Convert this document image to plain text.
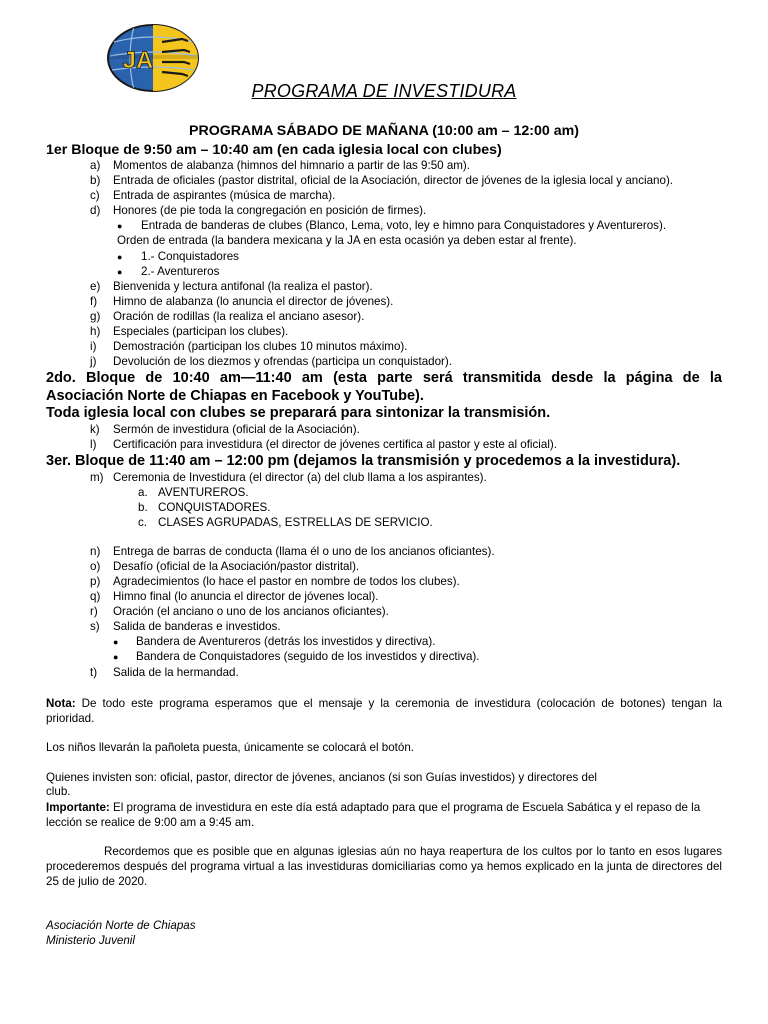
JA
PROGRAMA DE INVESTIDURA
PROGRAMA SÁBADO DE MAÑANA (10:00 am – 12:00 am)
1er Bloque de 9:50 am – 10:40 am (en cada iglesia local con clubes)
a) Momentos de alabanza (himnos del himnario a partir de las 9:50 am).
b) Entrada de oficiales (pastor distrital, oficial de la Asociación, director de jóvenes de la iglesia local y anciano).
c) Entrada de aspirantes (música de marcha).
d) Honores (de pie toda la congregación en posición de firmes).
● Entrada de banderas de clubes (Blanco, Lema, voto, ley e himno para Conquistadores y Aventureros).
Orden de entrada (la bandera mexicana y la JA en esta ocasión ya deben estar al frente).
● 1.- Conquistadores
● 2.- Aventureros
e) Bienvenida y lectura antifonal (la realiza el pastor).
f) Himno de alabanza (lo anuncia el director de jóvenes).
g) Oración de rodillas (la realiza el anciano asesor).
h) Especiales (participan los clubes).
i) Demostración (participan los clubes 10 minutos máximo).
j) Devolución de los diezmos y ofrendas (participa un conquistador).
2do. Bloque de 10:40 am—11:40 am (esta parte será transmitida desde la página de la
Asociación Norte de Chiapas en Facebook y YouTube).
Toda iglesia local con clubes se preparará para sintonizar la transmisión.
k) Sermón de investidura (oficial de la Asociación).
l) Certificación para investidura (el director de jóvenes certifica al pastor y este al oficial).
3er. Bloque de 11:40 am – 12:00 pm (dejamos la transmisión y procedemos a la investidura).
m) Ceremonia de Investidura (el director (a) del club llama a los aspirantes).
a. AVENTUREROS.
b. CONQUISTADORES.
c. CLASES AGRUPADAS, ESTRELLAS DE SERVICIO.
n) Entrega de barras de conducta (llama él o uno de los ancianos oficiantes).
o) Desafío (oficial de la Asociación/pastor distrital).
p) Agradecimientos (lo hace el pastor en nombre de todos los clubes).
q) Himno final (lo anuncia el director de jóvenes local).
r) Oración (el anciano o uno de los ancianos oficiantes).
s) Salida de banderas e investidos.
● Bandera de Aventureros (detrás los investidos y directiva).
● Bandera de Conquistadores (seguido de los investidos y directiva).
t) Salida de la hermandad.
Nota: De todo este programa esperamos que el mensaje y la ceremonia de investidura (colocación de botones) tengan la prioridad.
Los niños llevarán la pañoleta puesta, únicamente se colocará el botón.
Quienes invisten son: oficial, pastor, director de jóvenes, ancianos (si son Guías investidos) y directores del
club.
Importante: El programa de investidura en este día está adaptado para que el programa de Escuela Sabática y el repaso de la lección se realice de 9:00 am a 9:45 am.
Recordemos que es posible que en algunas iglesias aún no haya reapertura de los cultos por lo tanto en esos lugares procederemos después del programa virtual a las investiduras domiciliarias como ya hemos explicado en la junta de directores del 25 de julio de 2020.
Asociación Norte de Chiapas
Ministerio Juvenil
